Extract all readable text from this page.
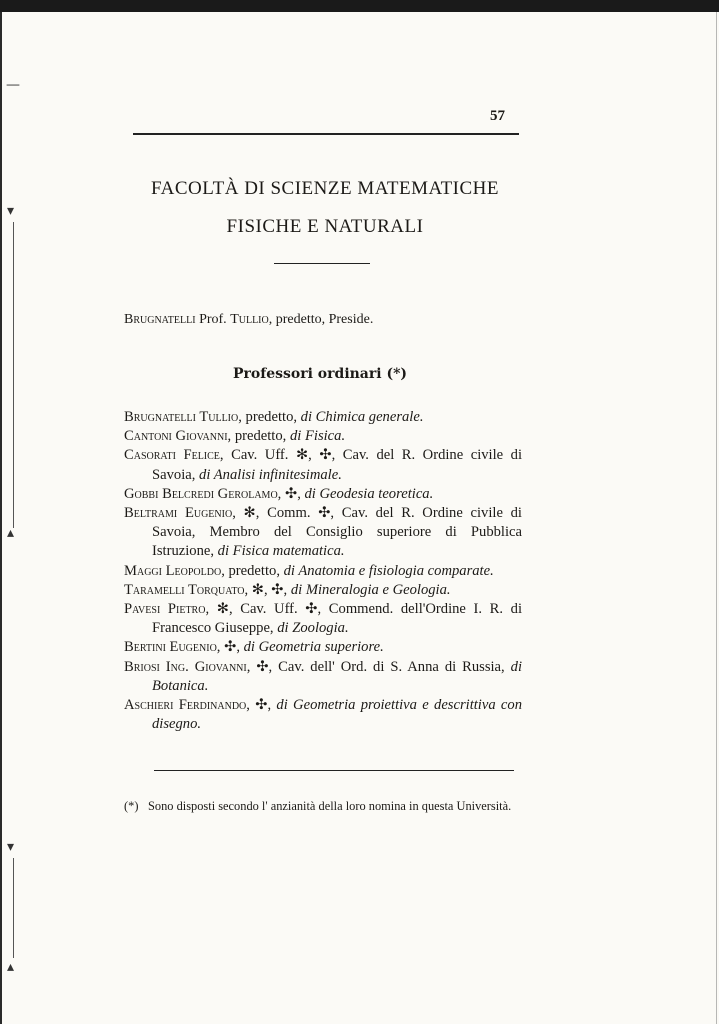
—
▾
▴
▾
▴
57
FACOLTÀ DI SCIENZE MATEMATICHE
FISICHE E NATURALI
Brugnatelli Prof. Tullio, predetto, Preside.
Professori ordinari (*)
Brugnatelli Tullio, predetto, di Chimica generale.
Cantoni Giovanni, predetto, di Fisica.
Casorati Felice, Cav. Uff. ✻, ✣, Cav. del R. Ordine civile di Savoia, di Analisi infinitesimale.
Gobbi Belcredi Gerolamo, ✣, di Geodesia teoretica.
Beltrami Eugenio, ✻, Comm. ✣, Cav. del R. Ordine civile di Savoia, Membro del Consiglio superiore di Pubblica Istruzione, di Fisica matematica.
Maggi Leopoldo, predetto, di Anatomia e fisiologia comparate.
Taramelli Torquato, ✻, ✣, di Mineralogia e Geologia.
Pavesi Pietro, ✻, Cav. Uff. ✣, Commend. dell'Ordine I. R. di Francesco Giuseppe, di Zoologia.
Bertini Eugenio, ✣, di Geometria superiore.
Briosi Ing. Giovanni, ✣, Cav. dell' Ord. di S. Anna di Russia, di Botanica.
Aschieri Ferdinando, ✣, di Geometria proiettiva e descrittiva con disegno.
(*) Sono disposti secondo l' anzianità della loro nomina in questa Università.
